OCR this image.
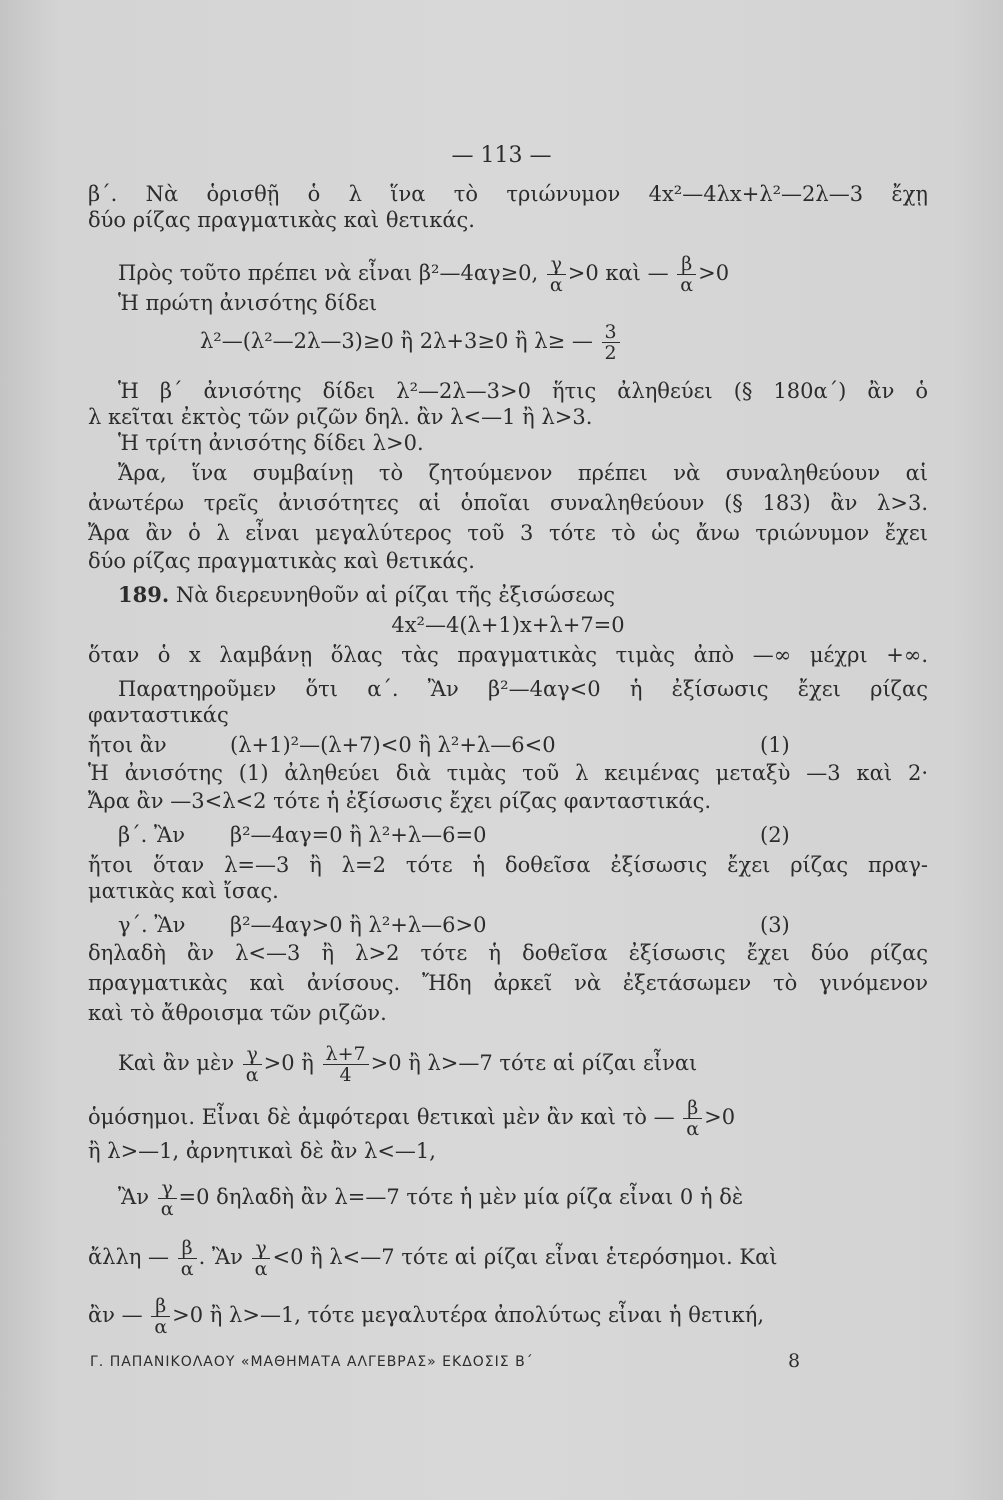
— 113 —
β΄. Νὰ ὁρισθῇ ὁ λ ἵνα τὸ τριώνυμον 4x²—4λx+λ²—2λ—3 ἔχῃ
δύο ρίζας πραγματικὰς καὶ θετικάς.
Πρὸς τοῦτο πρέπει νὰ εἶναι β²—4αγ≥0, $\frac{\gamma}{\alpha} >0$ καὶ — $\frac{\beta}{\alpha} >0$
Ἡ πρώτη ἀνισότης δίδει
λ²—(λ²—2λ—3)≥0 ἢ 2λ+3≥0 ἢ λ≥ — $\frac{3}{2}$
Ἡ β΄ ἀνισότης δίδει λ²—2λ—3>0 ἥτις ἀληθεύει (§ 180α΄) ἂν ὁ
λ κεῖται ἐκτὸς τῶν ριζῶν δηλ. ἂν λ<—1 ἢ λ>3.
Ἡ τρίτη ἀνισότης δίδει λ>0.
Ἄρα, ἵνα συμβαίνῃ τὸ ζητούμενον πρέπει νὰ συναληθεύουν αἱ
ἀνωτέρω τρεῖς ἀνισότητες αἱ ὁποῖαι συναληθεύουν (§ 183) ἂν λ>3.
Ἄρα ἂν ὁ λ εἶναι μεγαλύτερος τοῦ 3 τότε τὸ ὡς ἄνω τριώνυμον ἔχει
δύο ρίζας πραγματικὰς καὶ θετικάς.
189. Νὰ διερευνηθοῦν αἱ ρίζαι τῆς ἐξισώσεως
4x²—4(λ+1)x+λ+7=0
ὅταν ὁ x λαμβάνῃ ὅλας τὰς πραγματικὰς τιμὰς ἀπὸ —∞ μέχρι +∞.
Παρατηροῦμεν ὅτι α΄. Ἂν β²—4αγ<0 ἡ ἐξίσωσις ἔχει ρίζας
φανταστικάς
ἤτοι ἂν	(λ+1)²—(λ+7)<0 ἢ λ²+λ—6<0	(1)
Ἡ ἀνισότης (1) ἀληθεύει διὰ τιμὰς τοῦ λ κειμένας μεταξὺ —3 καὶ 2·
Ἄρα ἂν —3<λ<2 τότε ἡ ἐξίσωσις ἔχει ρίζας φανταστικάς.
β΄. Ἂν β²—4αγ=0 ἢ λ²+λ—6=0	(2)
ἤτοι ὅταν λ=—3 ἢ λ=2 τότε ἡ δοθεῖσα ἐξίσωσις ἔχει ρίζας πραγ-
ματικὰς καὶ ἴσας.
γ΄. Ἂν β²—4αγ>0 ἢ λ²+λ—6>0	(3)
δηλαδὴ ἂν λ<—3 ἢ λ>2 τότε ἡ δοθεῖσα ἐξίσωσις ἔχει δύο ρίζας
πραγματικὰς καὶ ἀνίσους. Ἤδη ἀρκεῖ νὰ ἐξετάσωμεν τὸ γινόμενον
καὶ τὸ ἄθροισμα τῶν ριζῶν.
Καὶ ἂν μὲν $\frac{\gamma}{\alpha} >0$ ἢ $\frac{\lambda+7}{4} >0$ ἢ λ>—7 τότε αἱ ρίζαι εἶναι
ὁμόσημοι. Εἶναι δὲ ἀμφότεραι θετικαὶ μὲν ἂν καὶ τὸ — $\frac{\beta}{\alpha} >0$
ἢ λ>—1, ἀρνητικαὶ δὲ ἂν λ<—1,
Ἂν $\frac{\gamma}{\alpha} =0$ δηλαδὴ ἂν λ=—7 τότε ἡ μὲν μία ρίζα εἶναι 0 ἡ δὲ
ἄλλη — $\frac{\beta}{\alpha}$ . Ἂν $\frac{\gamma}{\alpha} <0$ ἢ λ<—7 τότε αἱ ρίζαι εἶναι ἑτερόσημοι. Καὶ
ἂν — $\frac{\beta}{\alpha} >0$ ἢ λ>—1, τότε μεγαλυτέρα ἀπολύτως εἶναι ἡ θετική,
Γ. ΠΑΠΑΝΙΚΟΛΑΟΥ «ΜΑΘΗΜΑΤΑ ΑΛΓΕΒΡΑΣ» ΕΚΔΟΣΙΣ Β΄	8
